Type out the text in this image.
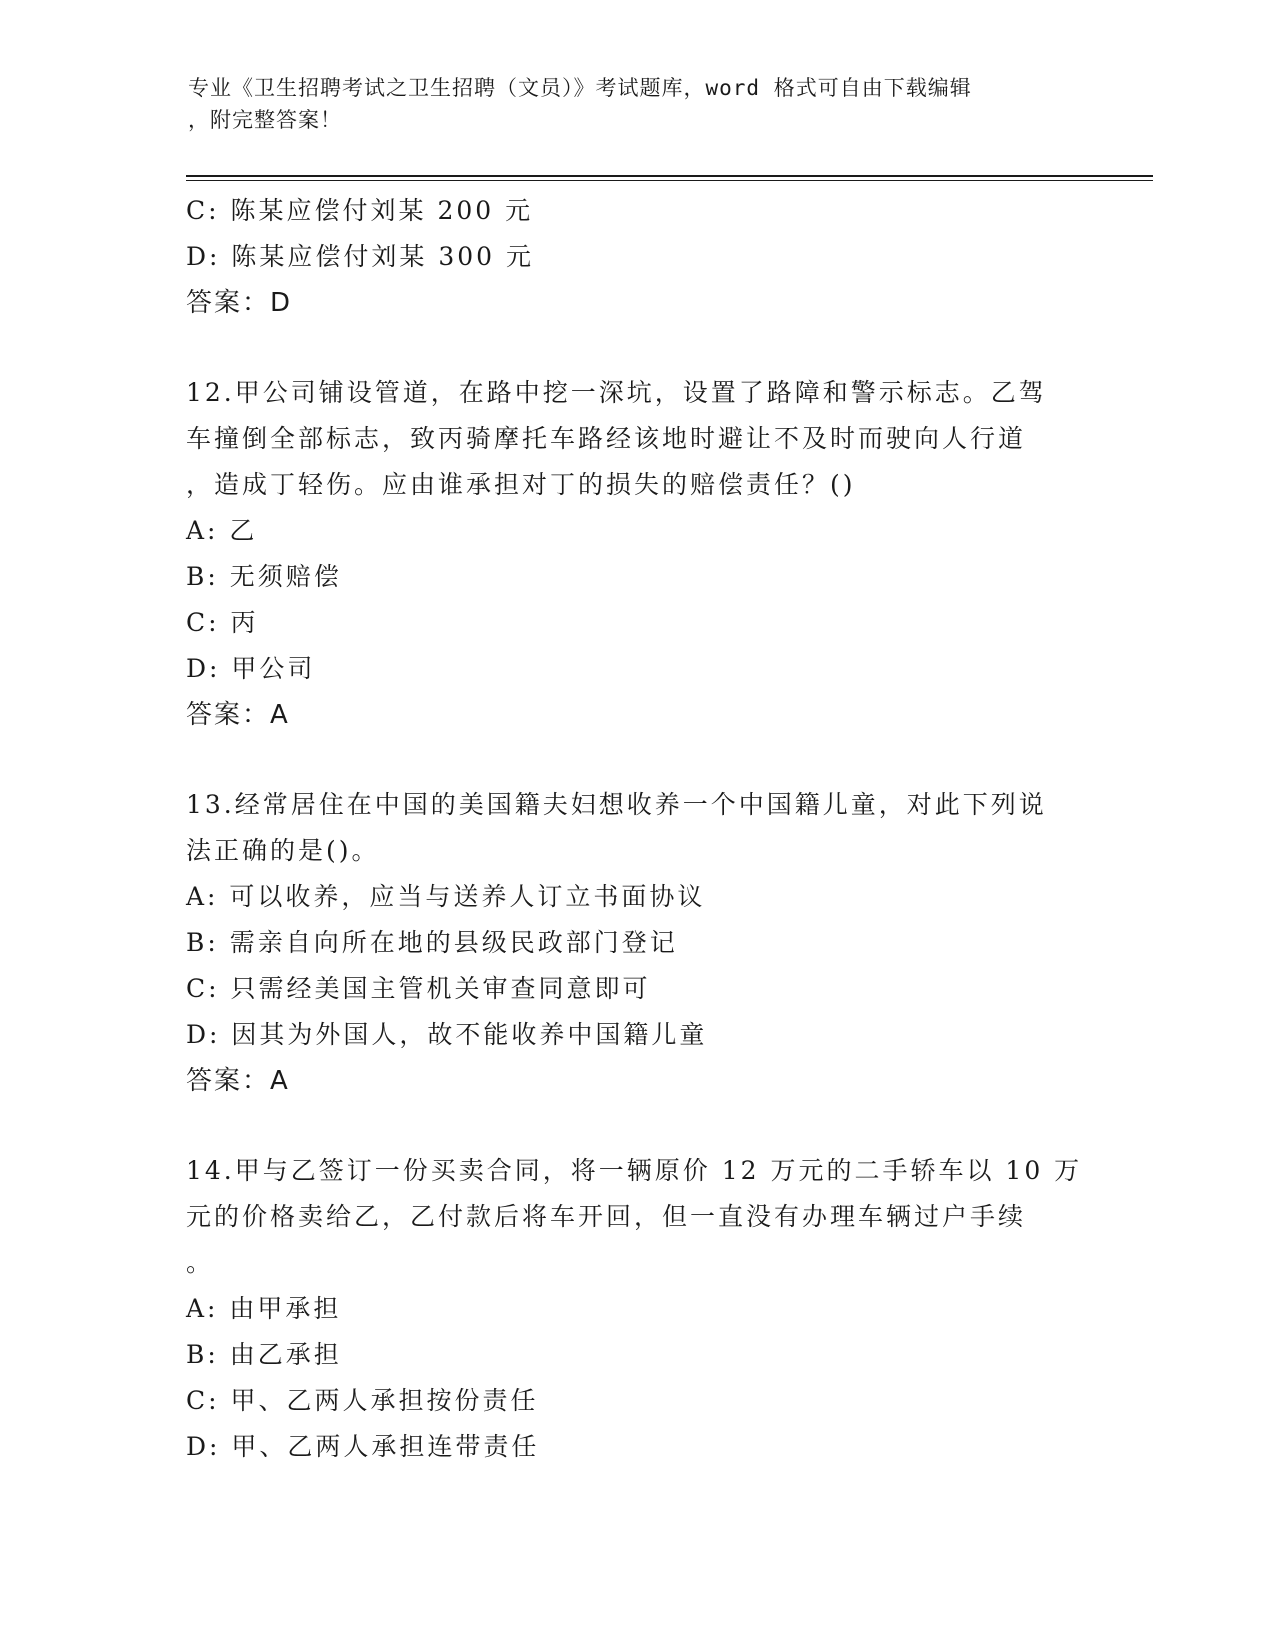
专业《卫生招聘考试之卫生招聘（文员）》考试题库，word 格式可自由下载编辑
，附完整答案！
C: 陈某应偿付刘某 200 元
D: 陈某应偿付刘某 300 元
答案：D
12.甲公司铺设管道，在路中挖一深坑，设置了路障和警示标志。乙驾
车撞倒全部标志，致丙骑摩托车路经该地时避让不及时而驶向人行道
，造成丁轻伤。应由谁承担对丁的损失的赔偿责任？()
A: 乙
B: 无须赔偿
C: 丙
D: 甲公司
答案：A
13.经常居住在中国的美国籍夫妇想收养一个中国籍儿童，对此下列说
法正确的是()。
A: 可以收养，应当与送养人订立书面协议
B: 需亲自向所在地的县级民政部门登记
C: 只需经美国主管机关审查同意即可
D: 因其为外国人，故不能收养中国籍儿童
答案：A
14.甲与乙签订一份买卖合同，将一辆原价 12 万元的二手轿车以 10 万
元的价格卖给乙，乙付款后将车开回，但一直没有办理车辆过户手续
。
A: 由甲承担
B: 由乙承担
C: 甲、乙两人承担按份责任
D: 甲、乙两人承担连带责任
